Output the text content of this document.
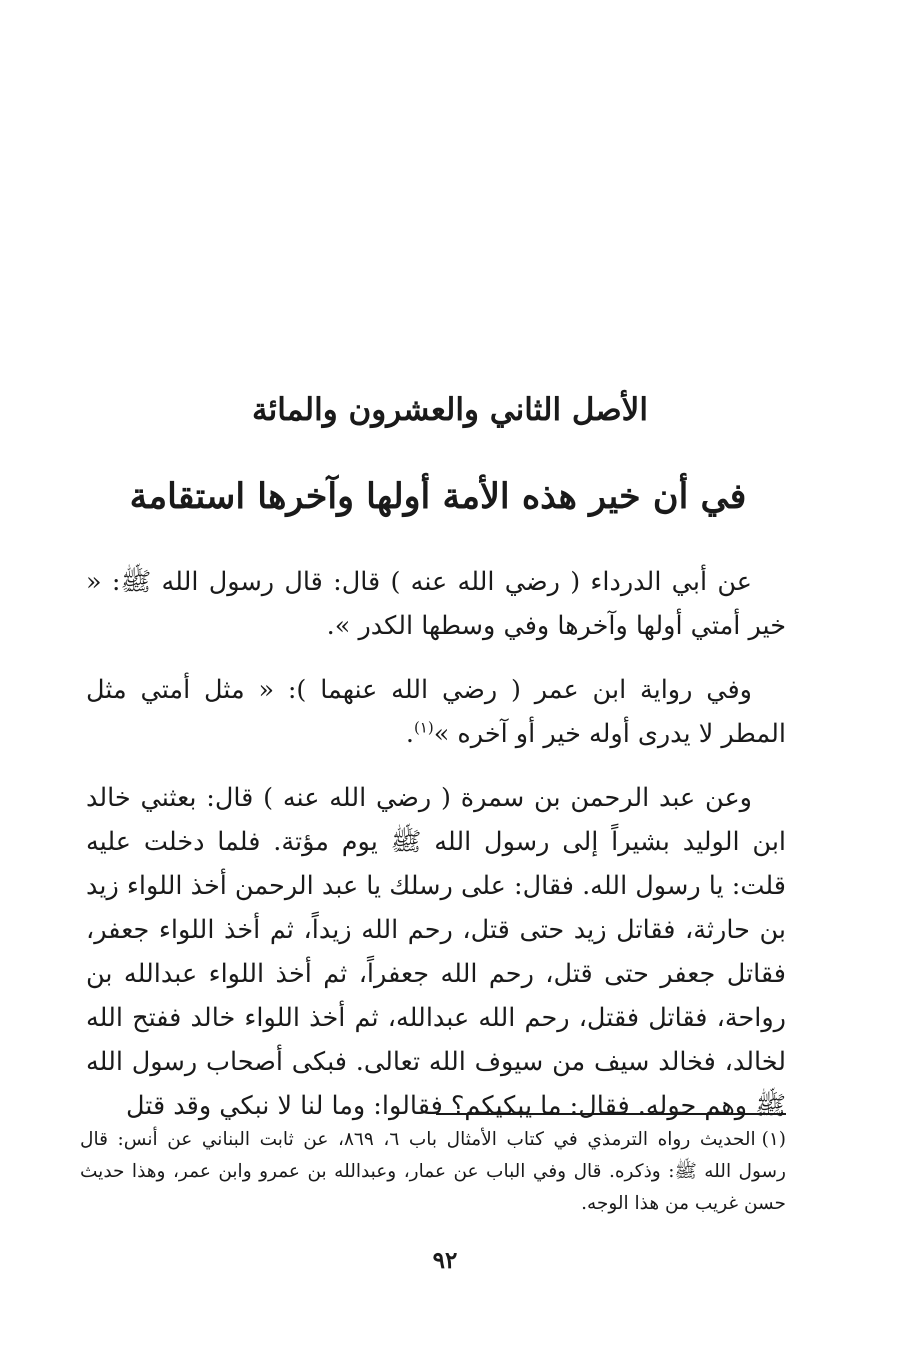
الأصل الثاني والعشرون والمائة
في أن خير هذه الأمة أولها وآخرها استقامة

عن أبي الدرداء ( رضي الله عنه ) قال: قال رسول الله ﷺ: « خير أمتي أولها وآخرها وفي وسطها الكدر ».

وفي رواية ابن عمر ( رضي الله عنهما ): « مثل أمتي مثل المطر لا يدرى أوله خير أو آخره »$^{(١)}$.

وعن عبد الرحمن بن سمرة ( رضي الله عنه ) قال: بعثني خالد ابن الوليد بشيراً إلى رسول الله ﷺ يوم مؤتة. فلما دخلت عليه قلت: يا رسول الله. فقال: على رسلك يا عبد الرحمن أخذ اللواء زيد بن حارثة، فقاتل زيد حتى قتل، رحم الله زيداً، ثم أخذ اللواء جعفر، فقاتل جعفر حتى قتل، رحم الله جعفراً، ثم أخذ اللواء عبدالله بن رواحة، فقاتل فقتل، رحم الله عبدالله، ثم أخذ اللواء خالد ففتح الله لخالد، فخالد سيف من سيوف الله تعالى. فبكى أصحاب رسول الله ﷺ وهم حوله. فقال: ما يبكيكم؟ فقالوا: وما لنا لا نبكي وقد قتل

(١)الحديث رواه الترمذي في كتاب الأمثال باب ٦، ٨٦٩، عن ثابت البناني عن أنس: قال رسول الله ﷺ: وذكره. قال وفي الباب عن عمار، وعبدالله بن عمرو وابن عمر، وهذا حديث حسن غريب من هذا الوجه.

٩٢
